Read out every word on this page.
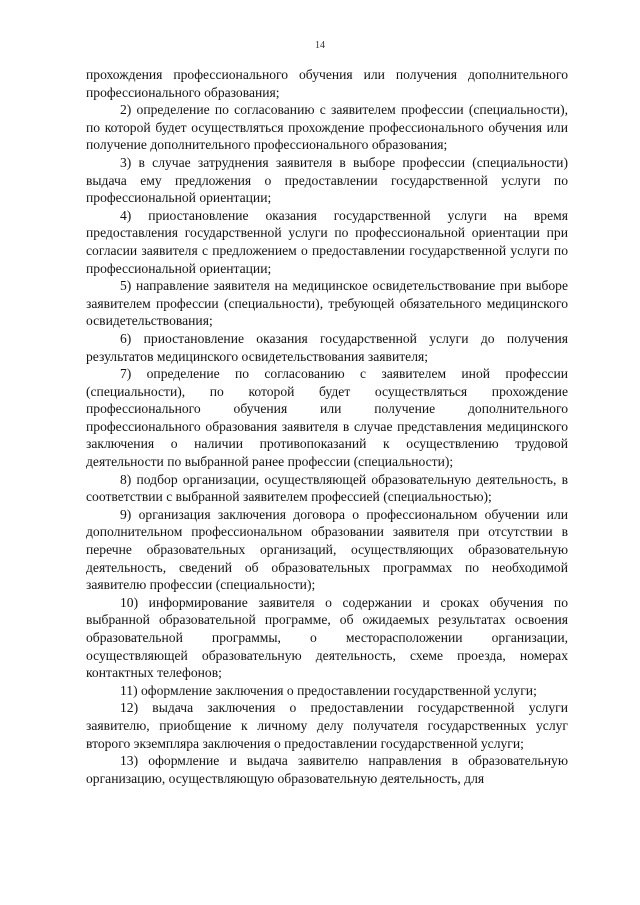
14

прохождения профессионального обучения или получения дополнительного профессионального образования;

2) определение по согласованию с заявителем профессии (специальности), по которой будет осуществляться прохождение профессионального обучения или получение дополнительного профессионального образования;

3) в случае затруднения заявителя в выборе профессии (специальности) выдача ему предложения о предоставлении государственной услуги по профессиональной ориентации;

4) приостановление оказания государственной услуги на время предоставления государственной услуги по профессиональной ориентации при согласии заявителя с предложением о предоставлении государственной услуги по профессиональной ориентации;

5) направление заявителя на медицинское освидетельствование при выборе заявителем профессии (специальности), требующей обязательного медицинского освидетельствования;

6) приостановление оказания государственной услуги до получения результатов медицинского освидетельствования заявителя;

7) определение по согласованию с заявителем иной профессии (специальности), по которой будет осуществляться прохождение профессионального обучения или получение дополнительного профессионального образования заявителя в случае представления медицинского заключения о наличии противопоказаний к осуществлению трудовой деятельности по выбранной ранее профессии (специальности);

8) подбор организации, осуществляющей образовательную деятельность, в соответствии с выбранной заявителем профессией (специальностью);

9) организация заключения договора о профессиональном обучении или дополнительном профессиональном образовании заявителя при отсутствии в перечне образовательных организаций, осуществляющих образовательную деятельность, сведений об образовательных программах по необходимой заявителю профессии (специальности);

10) информирование заявителя о содержании и сроках обучения по выбранной образовательной программе, об ожидаемых результатах освоения образовательной программы, о месторасположении организации, осуществляющей образовательную деятельность, схеме проезда, номерах контактных телефонов;

11) оформление заключения о предоставлении государственной услуги;

12) выдача заключения о предоставлении государственной услуги заявителю, приобщение к личному делу получателя государственных услуг второго экземпляра заключения о предоставлении государственной услуги;

13) оформление и выдача заявителю направления в образовательную организацию, осуществляющую образовательную деятельность, для
